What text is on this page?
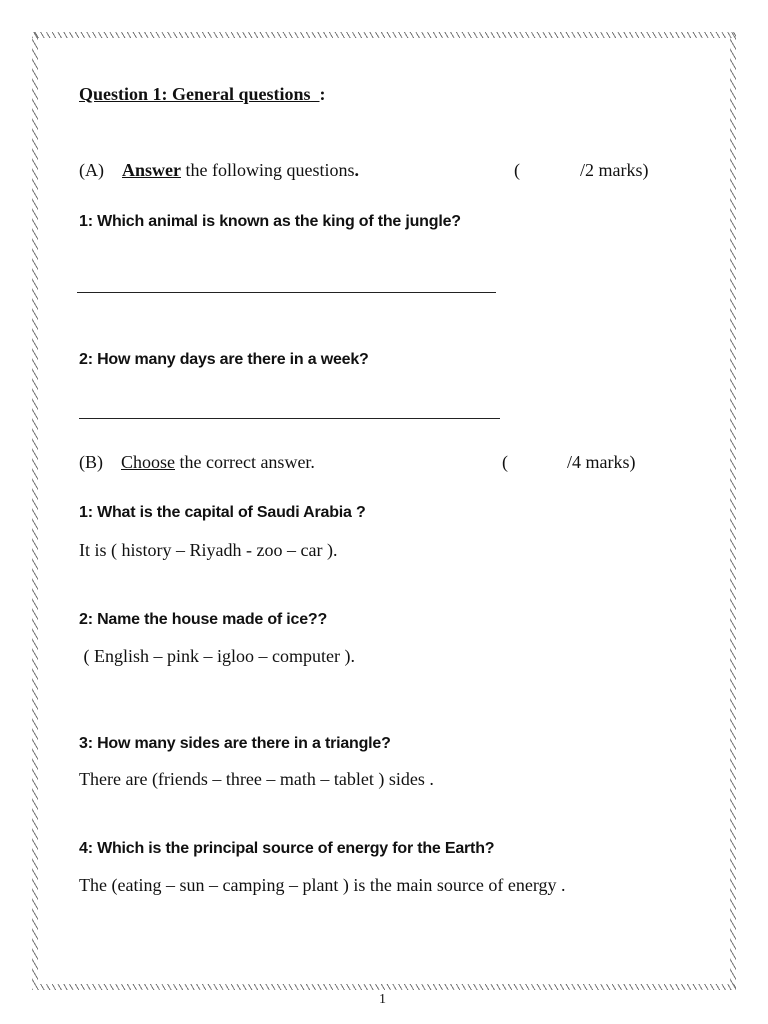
Question 1: General questions :
(A) Answer the following questions.	(	/2 marks)
1: Which animal is known as the king of the jungle?
2: How many days are there in a week?
(B) Choose the correct answer.	(	/4 marks)
1: What is the capital of Saudi Arabia ?
It is ( history – Riyadh - zoo – car ).
2: Name the house made of ice??
( English – pink – igloo – computer ).
3: How many sides are there in a triangle?
There are (friends – three – math – tablet ) sides .
4: Which is the principal source of energy for the Earth?
The (eating – sun – camping – plant ) is the main source of energy .
1
